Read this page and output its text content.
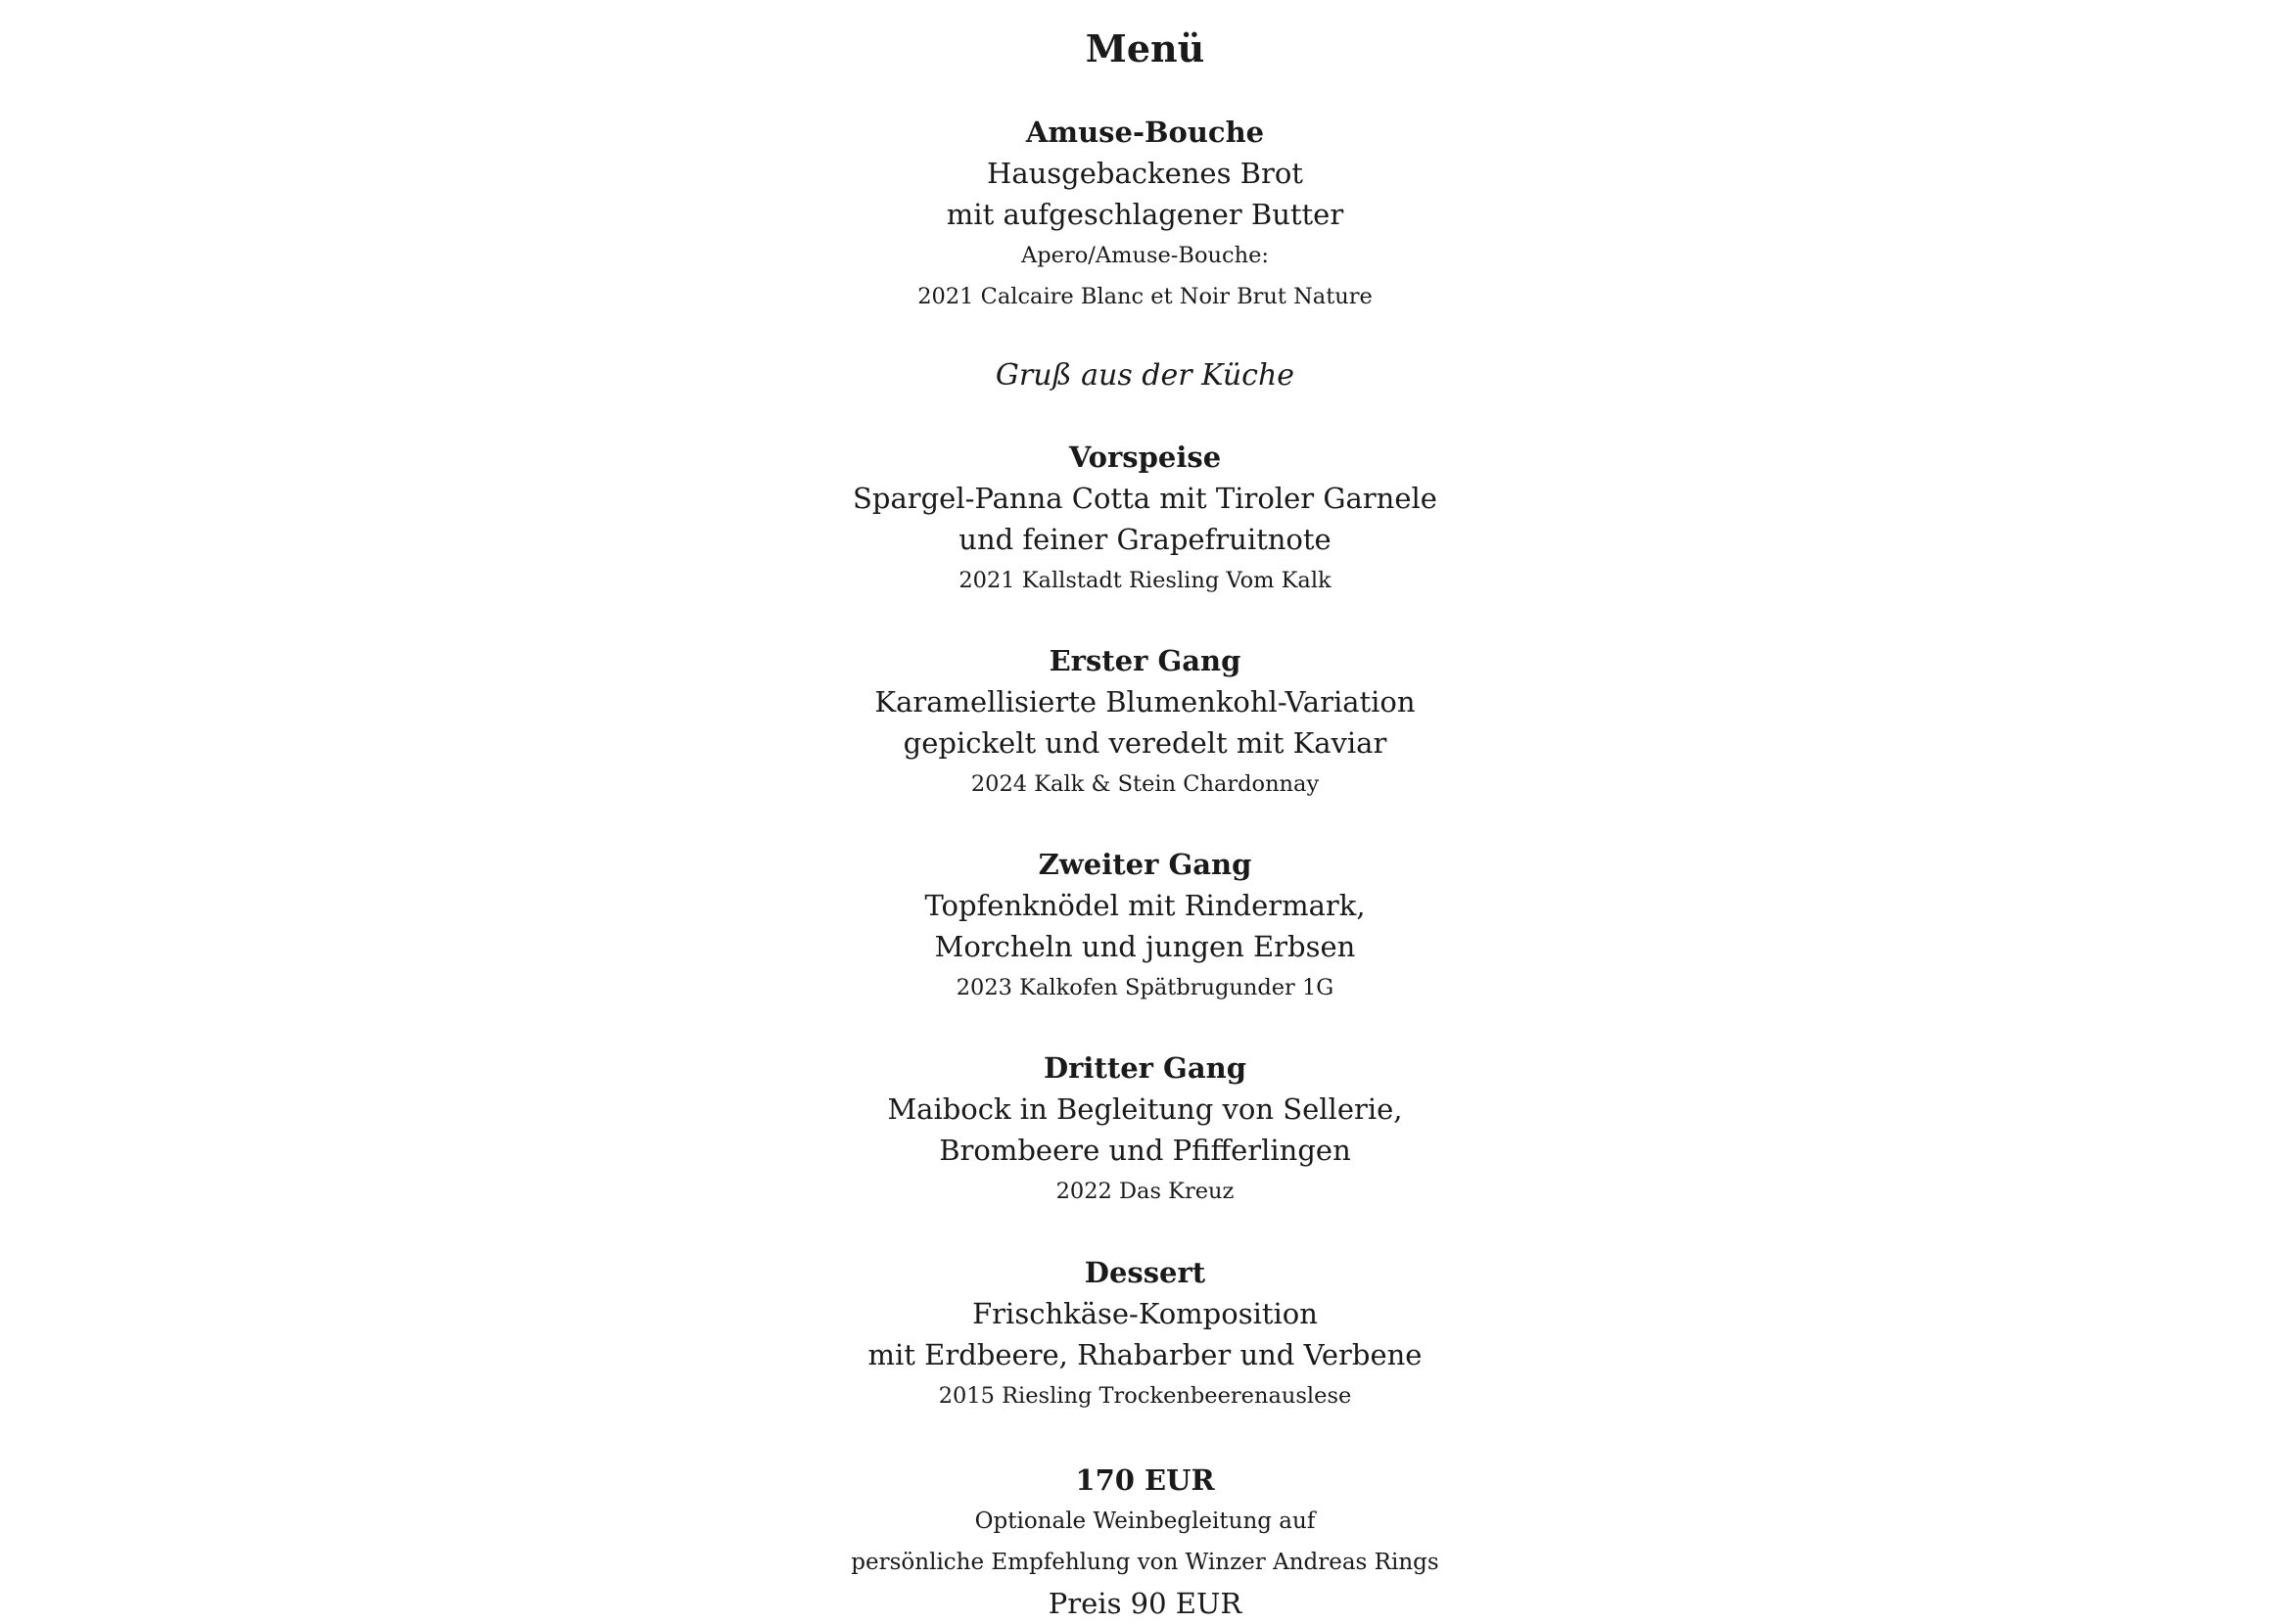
Menü
Amuse-Bouche
Hausgebackenes Brot
mit aufgeschlagener Butter
Apero/Amuse-Bouche:
2021 Calcaire Blanc et Noir Brut Nature
Gruß aus der Küche
Vorspeise
Spargel-Panna Cotta mit Tiroler Garnele
und feiner Grapefruitnote
2021 Kallstadt Riesling Vom Kalk
Erster Gang
Karamellisierte Blumenkohl-Variation
gepickelt und veredelt mit Kaviar
2024 Kalk & Stein Chardonnay
Zweiter Gang
Topfenknödel mit Rindermark,
Morcheln und jungen Erbsen
2023 Kalkofen Spätbrugunder 1G
Dritter Gang
Maibock in Begleitung von Sellerie,
Brombeere und Pfifferlingen
2022 Das Kreuz
Dessert
Frischkäse-Komposition
mit Erdbeere, Rhabarber und Verbene
2015 Riesling Trockenbeerenauslese
170 EUR
Optionale Weinbegleitung auf
persönliche Empfehlung von Winzer Andreas Rings
Preis 90 EUR
